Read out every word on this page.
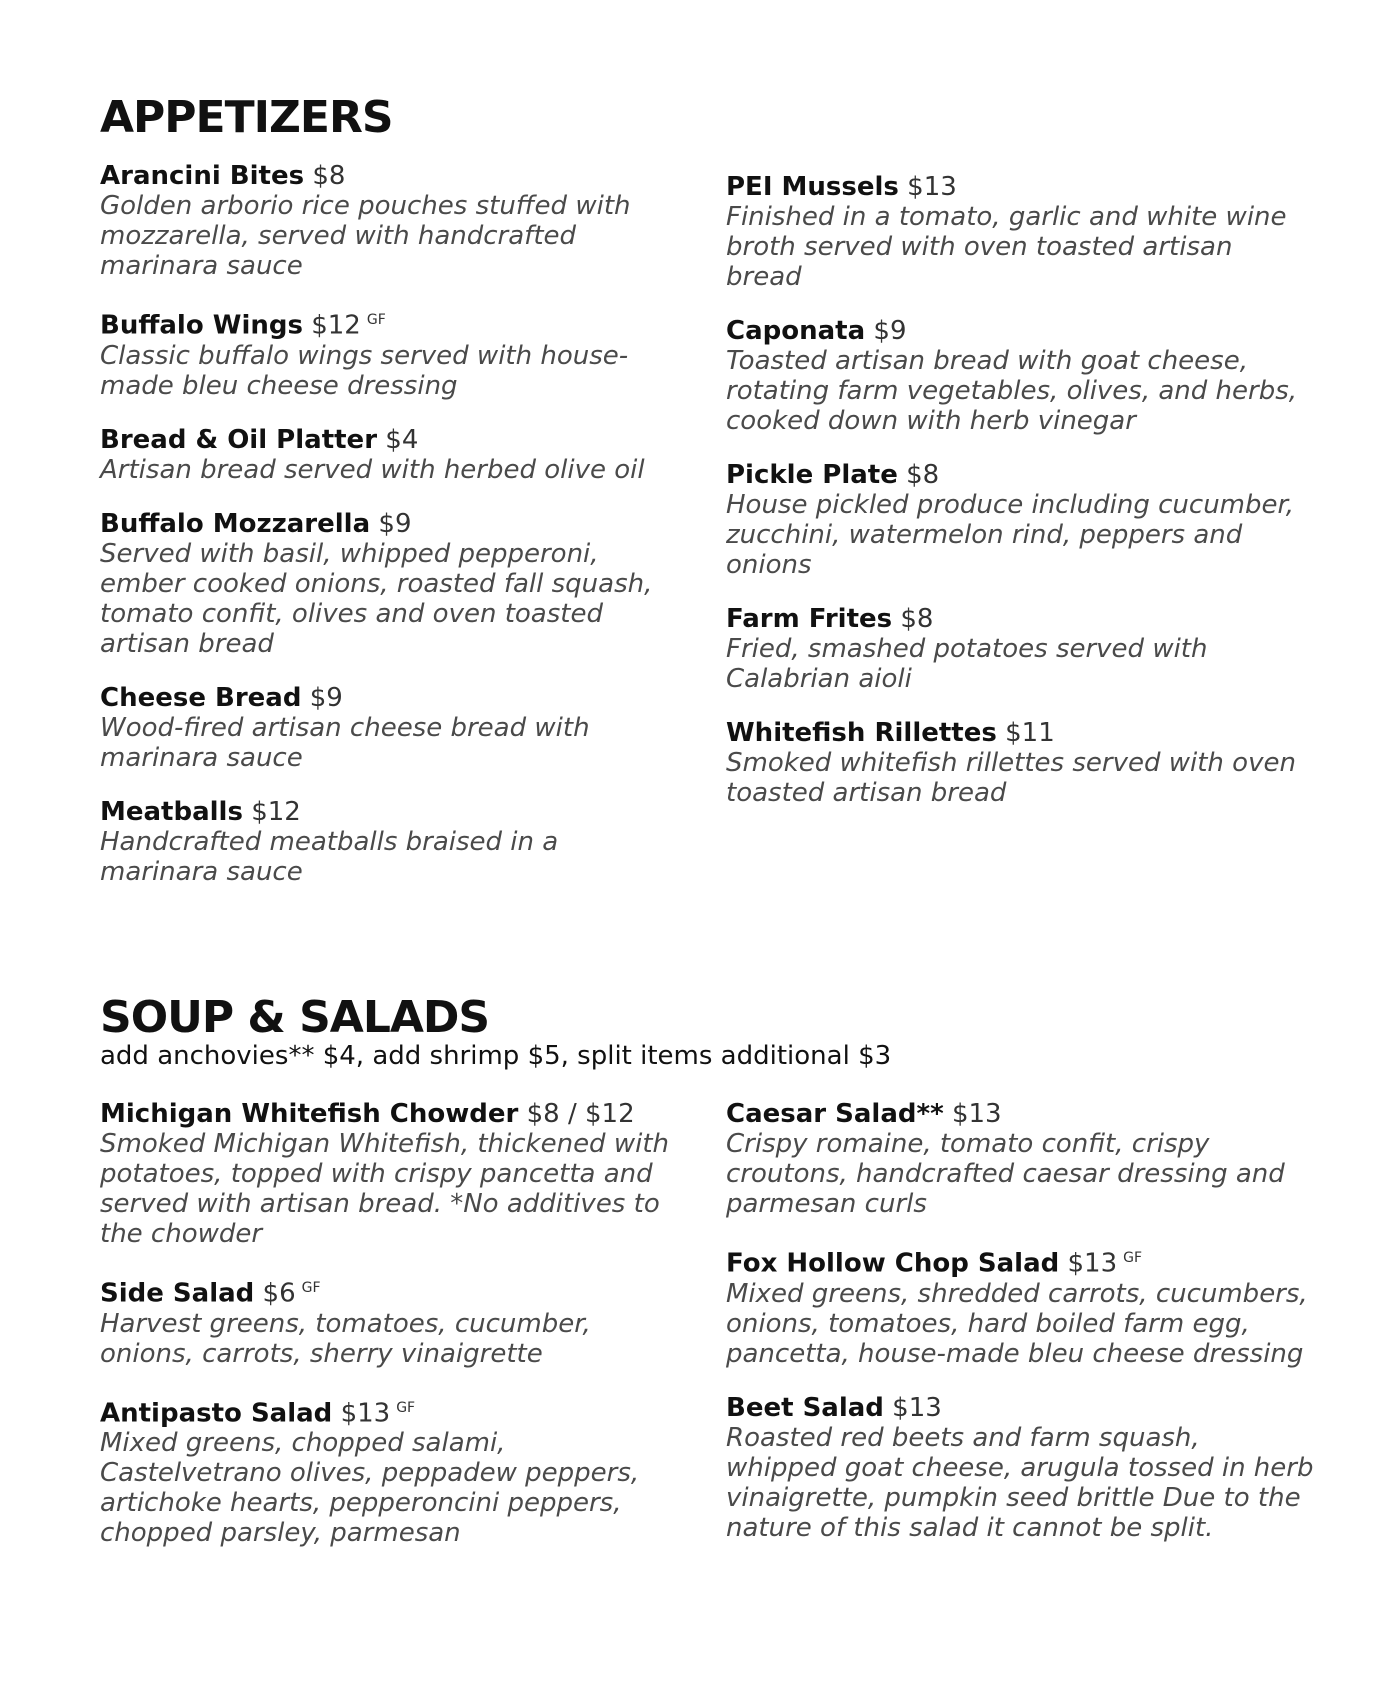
APPETIZERS
Arancini Bites $8
Golden arborio rice pouches stuffed with mozzarella, served with handcrafted marinara sauce
Buffalo Wings $12 $^{GF}$
Classic buffalo wings served with house-made bleu cheese dressing
Bread & Oil Platter $4
Artisan bread served with herbed olive oil
Buffalo Mozzarella $9
Served with basil, whipped pepperoni, ember cooked onions, roasted fall squash, tomato confit, olives and oven toasted artisan bread
Cheese Bread $9
Wood-fired artisan cheese bread with marinara sauce
Meatballs $12
Handcrafted meatballs braised in a marinara sauce
PEI Mussels $13
Finished in a tomato, garlic and white wine broth served with oven toasted artisan bread
Caponata $9
Toasted artisan bread with goat cheese, rotating farm vegetables, olives, and herbs, cooked down with herb vinegar
Pickle Plate $8
House pickled produce including cucumber, zucchini, watermelon rind, peppers and onions
Farm Frites $8
Fried, smashed potatoes served with Calabrian aioli
Whitefish Rillettes $11
Smoked whitefish rillettes served with oven toasted artisan bread
SOUP & SALADS

add anchovies** $4, add shrimp $5, split items additional $3

Michigan Whitefish Chowder $8 / $12
Smoked Michigan Whitefish, thickened with potatoes, topped with crispy pancetta and served with artisan bread. *No additives to the chowder
Side Salad $6 $^{GF}$
Harvest greens, tomatoes, cucumber, onions, carrots, sherry vinaigrette
Antipasto Salad $13 $^{GF}$
Mixed greens, chopped salami, Castelvetrano olives, peppadew peppers, artichoke hearts, pepperoncini peppers, chopped parsley, parmesan
Caesar Salad** $13
Crispy romaine, tomato confit, crispy croutons, handcrafted caesar dressing and parmesan curls
Fox Hollow Chop Salad $13 $^{GF}$
Mixed greens, shredded carrots, cucumbers, onions, tomatoes, hard boiled farm egg, pancetta, house-made bleu cheese dressing
Beet Salad $13
Roasted red beets and farm squash, whipped goat cheese, arugula tossed in herb vinaigrette, pumpkin seed brittle Due to the nature of this salad it cannot be split.
